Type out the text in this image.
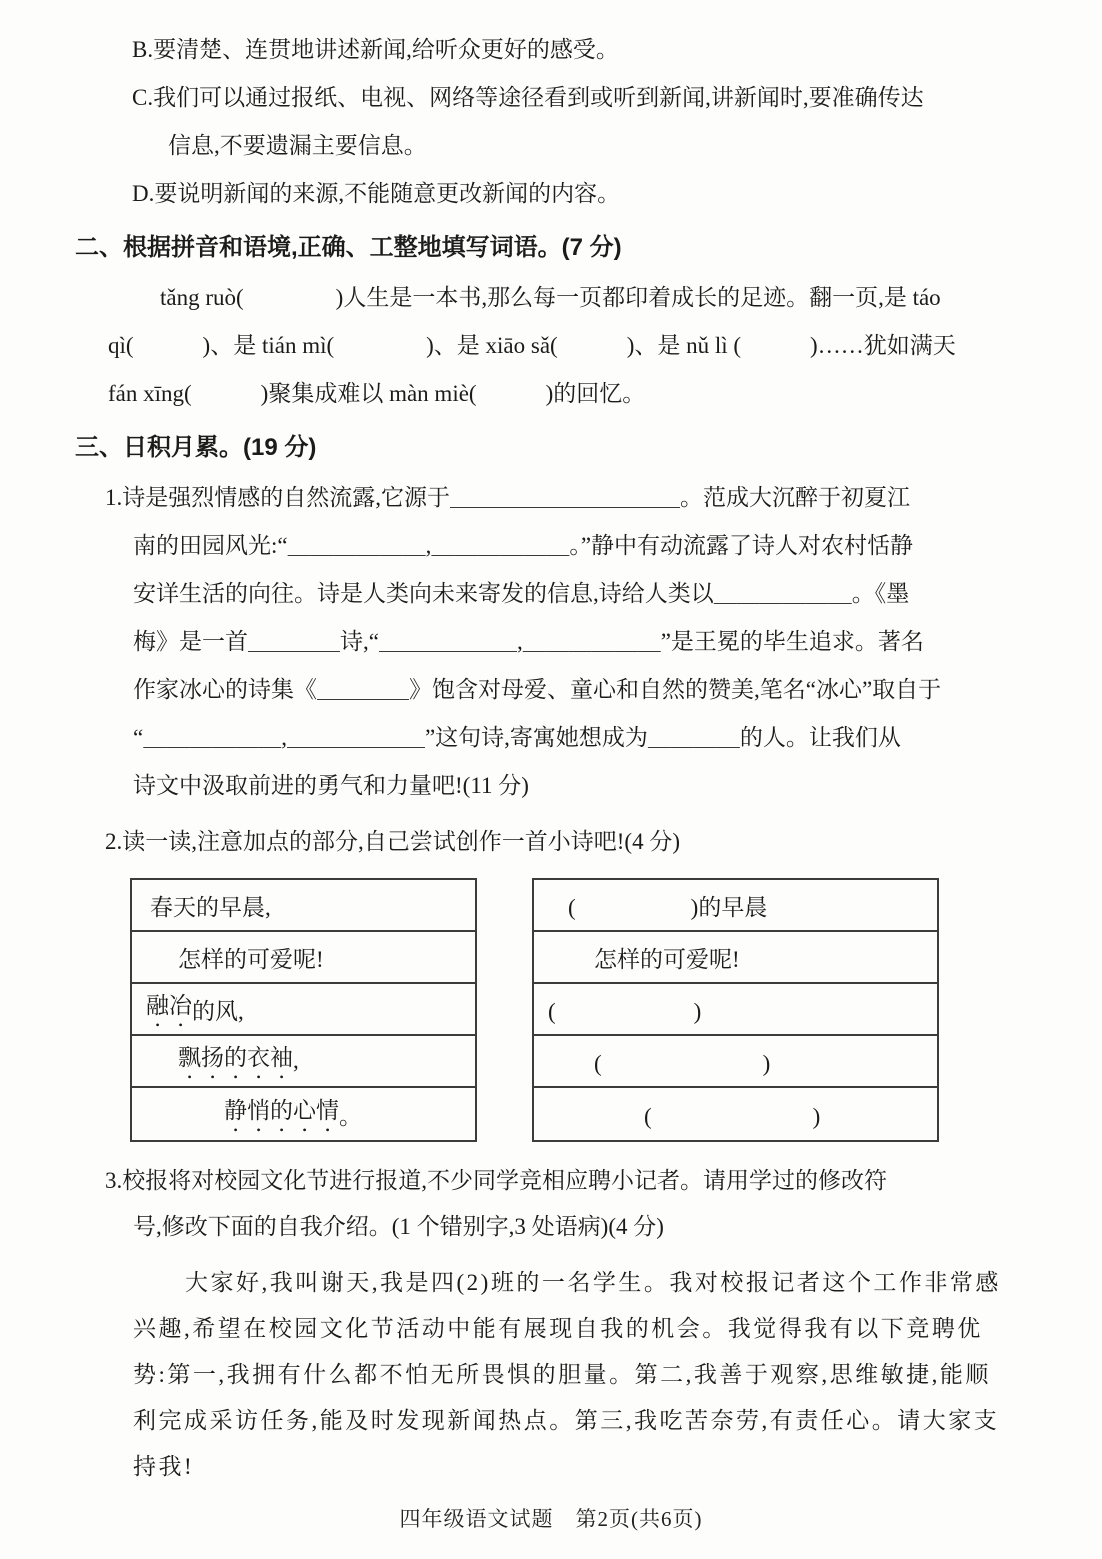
B.要清楚、连贯地讲述新闻,给听众更好的感受。
C.我们可以通过报纸、电视、网络等途径看到或听到新闻,讲新闻时,要准确传达
信息,不要遗漏主要信息。
D.要说明新闻的来源,不能随意更改新闻的内容。
二、根据拼音和语境,正确、工整地填写词语。(7 分)
tǎng ruò(　　　　)人生是一本书,那么每一页都印着成长的足迹。翻一页,是 táo
qì(　　　)、是 tián mì(　　　　)、是 xiāo sǎ(　　　)、是 nǔ lì (　　　)……犹如满天
fán xīng(　　　)聚集成难以 màn miè(　　　)的回忆。
三、日积月累。(19 分)
1.诗是强烈情感的自然流露,它源于＿＿＿＿＿＿＿＿＿＿。范成大沉醉于初夏江
南的田园风光:“＿＿＿＿＿＿,＿＿＿＿＿＿。”静中有动流露了诗人对农村恬静
安详生活的向往。诗是人类向未来寄发的信息,诗给人类以＿＿＿＿＿＿。《墨
梅》是一首＿＿＿＿诗,“＿＿＿＿＿＿,＿＿＿＿＿＿”是王冕的毕生追求。著名
作家冰心的诗集《＿＿＿＿》饱含对母爱、童心和自然的赞美,笔名“冰心”取自于
“＿＿＿＿＿＿,＿＿＿＿＿＿”这句诗,寄寓她想成为＿＿＿＿的人。让我们从
诗文中汲取前进的勇气和力量吧!(11 分)
2.读一读,注意加点的部分,自己尝试创作一首小诗吧!(4 分)
春天的早晨,
怎样的可爱呢!
融冶 的风,
飘扬的衣袖 ,
静悄的心情 。
(　　　　　)的早晨
怎样的可爱呢!
(　　　　　　)
(　　　　　　　)
(　　　　　　　)
3.校报将对校园文化节进行报道,不少同学竞相应聘小记者。请用学过的修改符
号,修改下面的自我介绍。(1 个错别字,3 处语病)(4 分)
大家好,我叫谢天,我是四(2)班的一名学生。我对校报记者这个工作非常感
兴趣,希望在校园文化节活动中能有展现自我的机会。我觉得我有以下竞聘优
势:第一,我拥有什么都不怕无所畏惧的胆量。第二,我善于观察,思维敏捷,能顺
利完成采访任务,能及时发现新闻热点。第三,我吃苦奈劳,有责任心。请大家支
持我!
四年级语文试题　第2页(共6页)
